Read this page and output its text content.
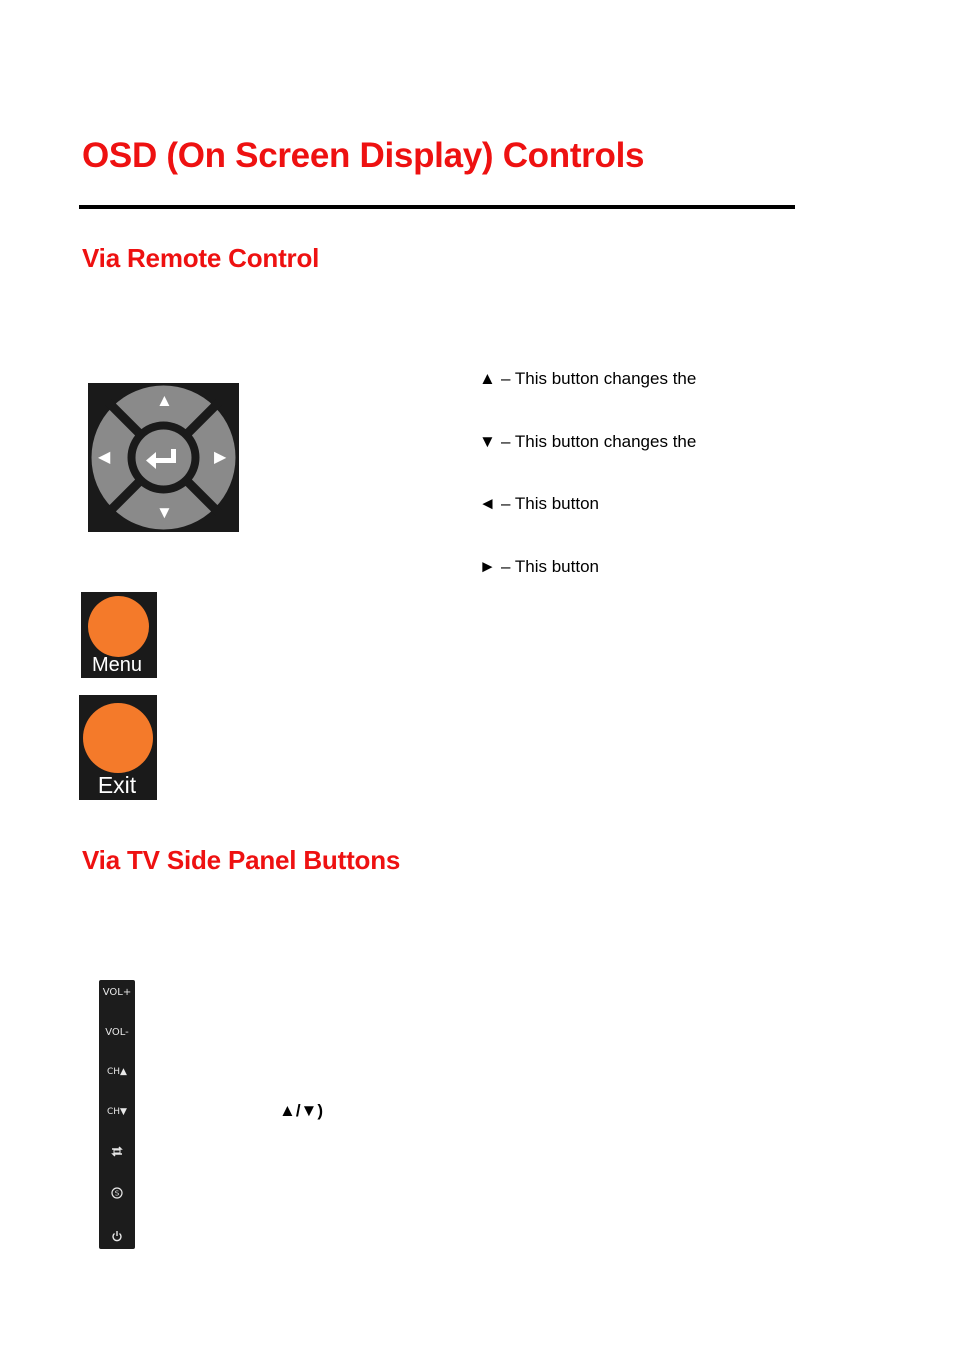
OSD (On Screen Display) Controls
Via Remote Control
▲
▼
◀	▶
▲ – This button changes the
▼ – This button changes the
◄ – This button
► – This button
Menu
Exit
Via TV Side Panel Buttons
VOL+
VOL-
CH▲
CH▼
S
▲/▼)
